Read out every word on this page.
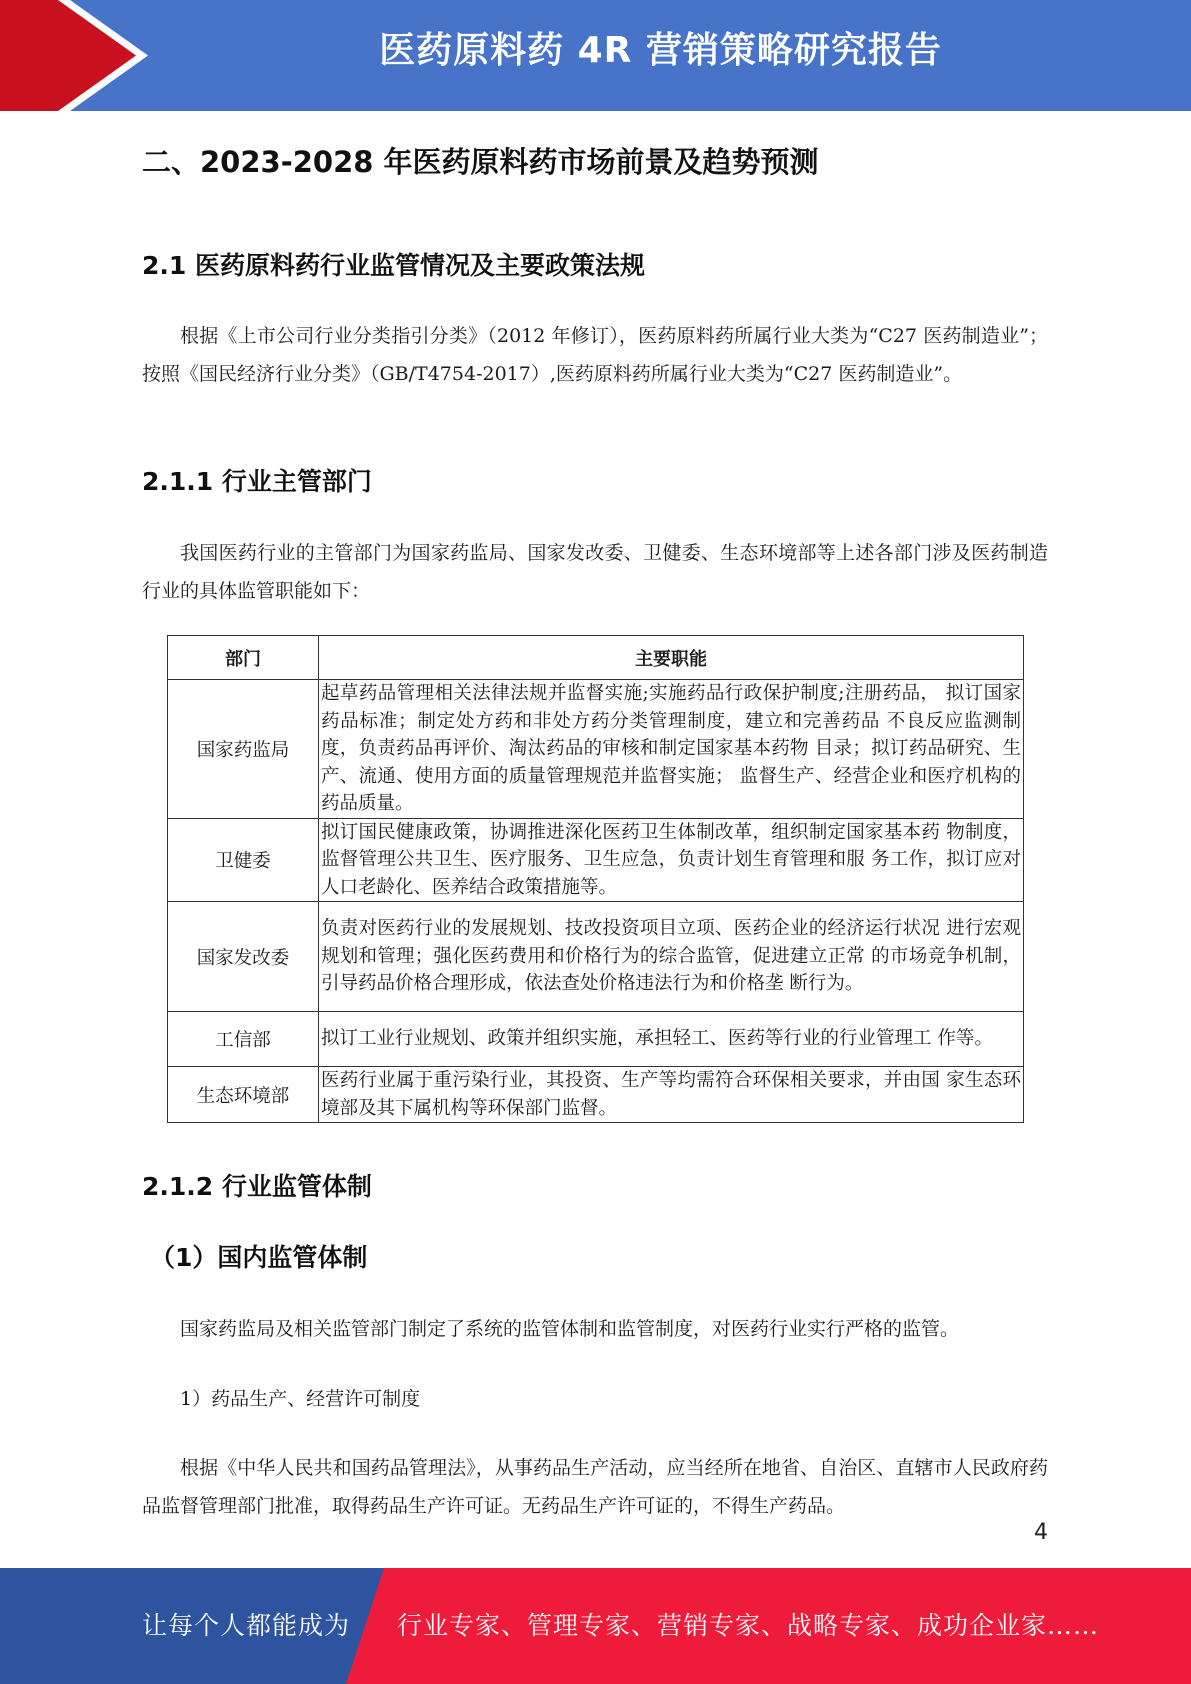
医药原料药 4R 营销策略研究报告
二、2023-2028 年医药原料药市场前景及趋势预测
2.1 医药原料药行业监管情况及主要政策法规

根据《上市公司行业分类指引分类》（2012 年修订），医药原料药所属行业大类为“C27 医药制造业”；按照《国民经济行业分类》（GB/T4754-2017）,医药原料药所属行业大类为“C27 医药制造业”。

2.1.1 行业主管部门

我国医药行业的主管部门为国家药监局、国家发改委、卫健委、生态环境部等上述各部门涉及医药制造行业的具体监管职能如下：

部门	主要职能
国家药监局	起草药品管理相关法律法规并监督实施;实施药品行政保护制度;注册药品， 拟订国家药品标准；制定处方药和非处方药分类管理制度，建立和完善药品 不良反应监测制度，负责药品再评价、淘汰药品的审核和制定国家基本药物 目录；拟订药品研究、生产、流通、使用方面的质量管理规范并监督实施； 监督生产、经营企业和医疗机构的药品质量。
卫健委	拟订国民健康政策，协调推进深化医药卫生体制改革，组织制定国家基本药 物制度，监督管理公共卫生、医疗服务、卫生应急，负责计划生育管理和服 务工作，拟订应对人口老龄化、医养结合政策措施等。
国家发改委	负责对医药行业的发展规划、技改投资项目立项、医药企业的经济运行状况 进行宏观规划和管理；强化医药费用和价格行为的综合监管，促进建立正常 的市场竞争机制，引导药品价格合理形成，依法查处价格违法行为和价格垄 断行为。
工信部	拟订工业行业规划、政策并组织实施，承担轻工、医药等行业的行业管理工 作等。
生态环境部	医药行业属于重污染行业，其投资、生产等均需符合环保相关要求，并由国 家生态环境部及其下属机构等环保部门监督。
2.1.2 行业监管体制
（1）国内监管体制

国家药监局及相关监管部门制定了系统的监管体制和监管制度，对医药行业实行严格的监管。

1）药品生产、经营许可制度

根据《中华人民共和国药品管理法》，从事药品生产活动，应当经所在地省、自治区、直辖市人民政府药品监督管理部门批准，取得药品生产许可证。无药品生产许可证的，不得生产药品。

4
让每个人都能成为 行业专家、管理专家、营销专家、战略专家、成功企业家……
